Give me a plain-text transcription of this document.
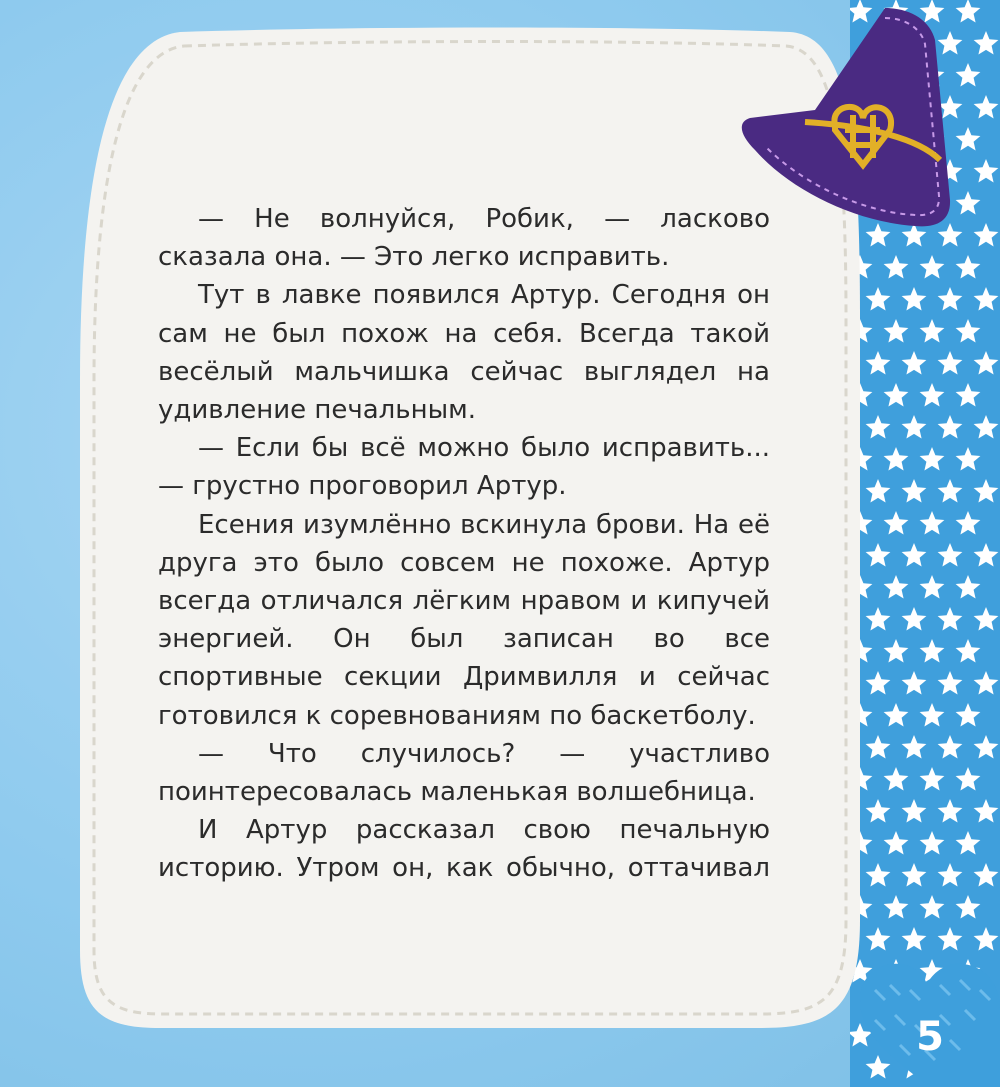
— Не волнуйся, Робик, — ласково сказала она. — Это легко исправить.

Тут в лавке появился Артур. Сегодня он сам не был похож на себя. Всегда такой весёлый мальчишка сейчас выглядел на удивление печальным.

— Если бы всё можно было исправить... — грустно проговорил Артур.

Есения изумлённо вскинула брови. На её друга это было совсем не похоже. Артур всегда отличался лёгким нравом и кипучей энергией. Он был записан во все спортивные секции Дримвилля и сейчас готовился к соревнованиям по баскетболу.

— Что случилось? — участливо поинтересовалась маленькая волшебница.

И Артур рассказал свою печальную историю. Утром он, как обычно, оттачивал

5
